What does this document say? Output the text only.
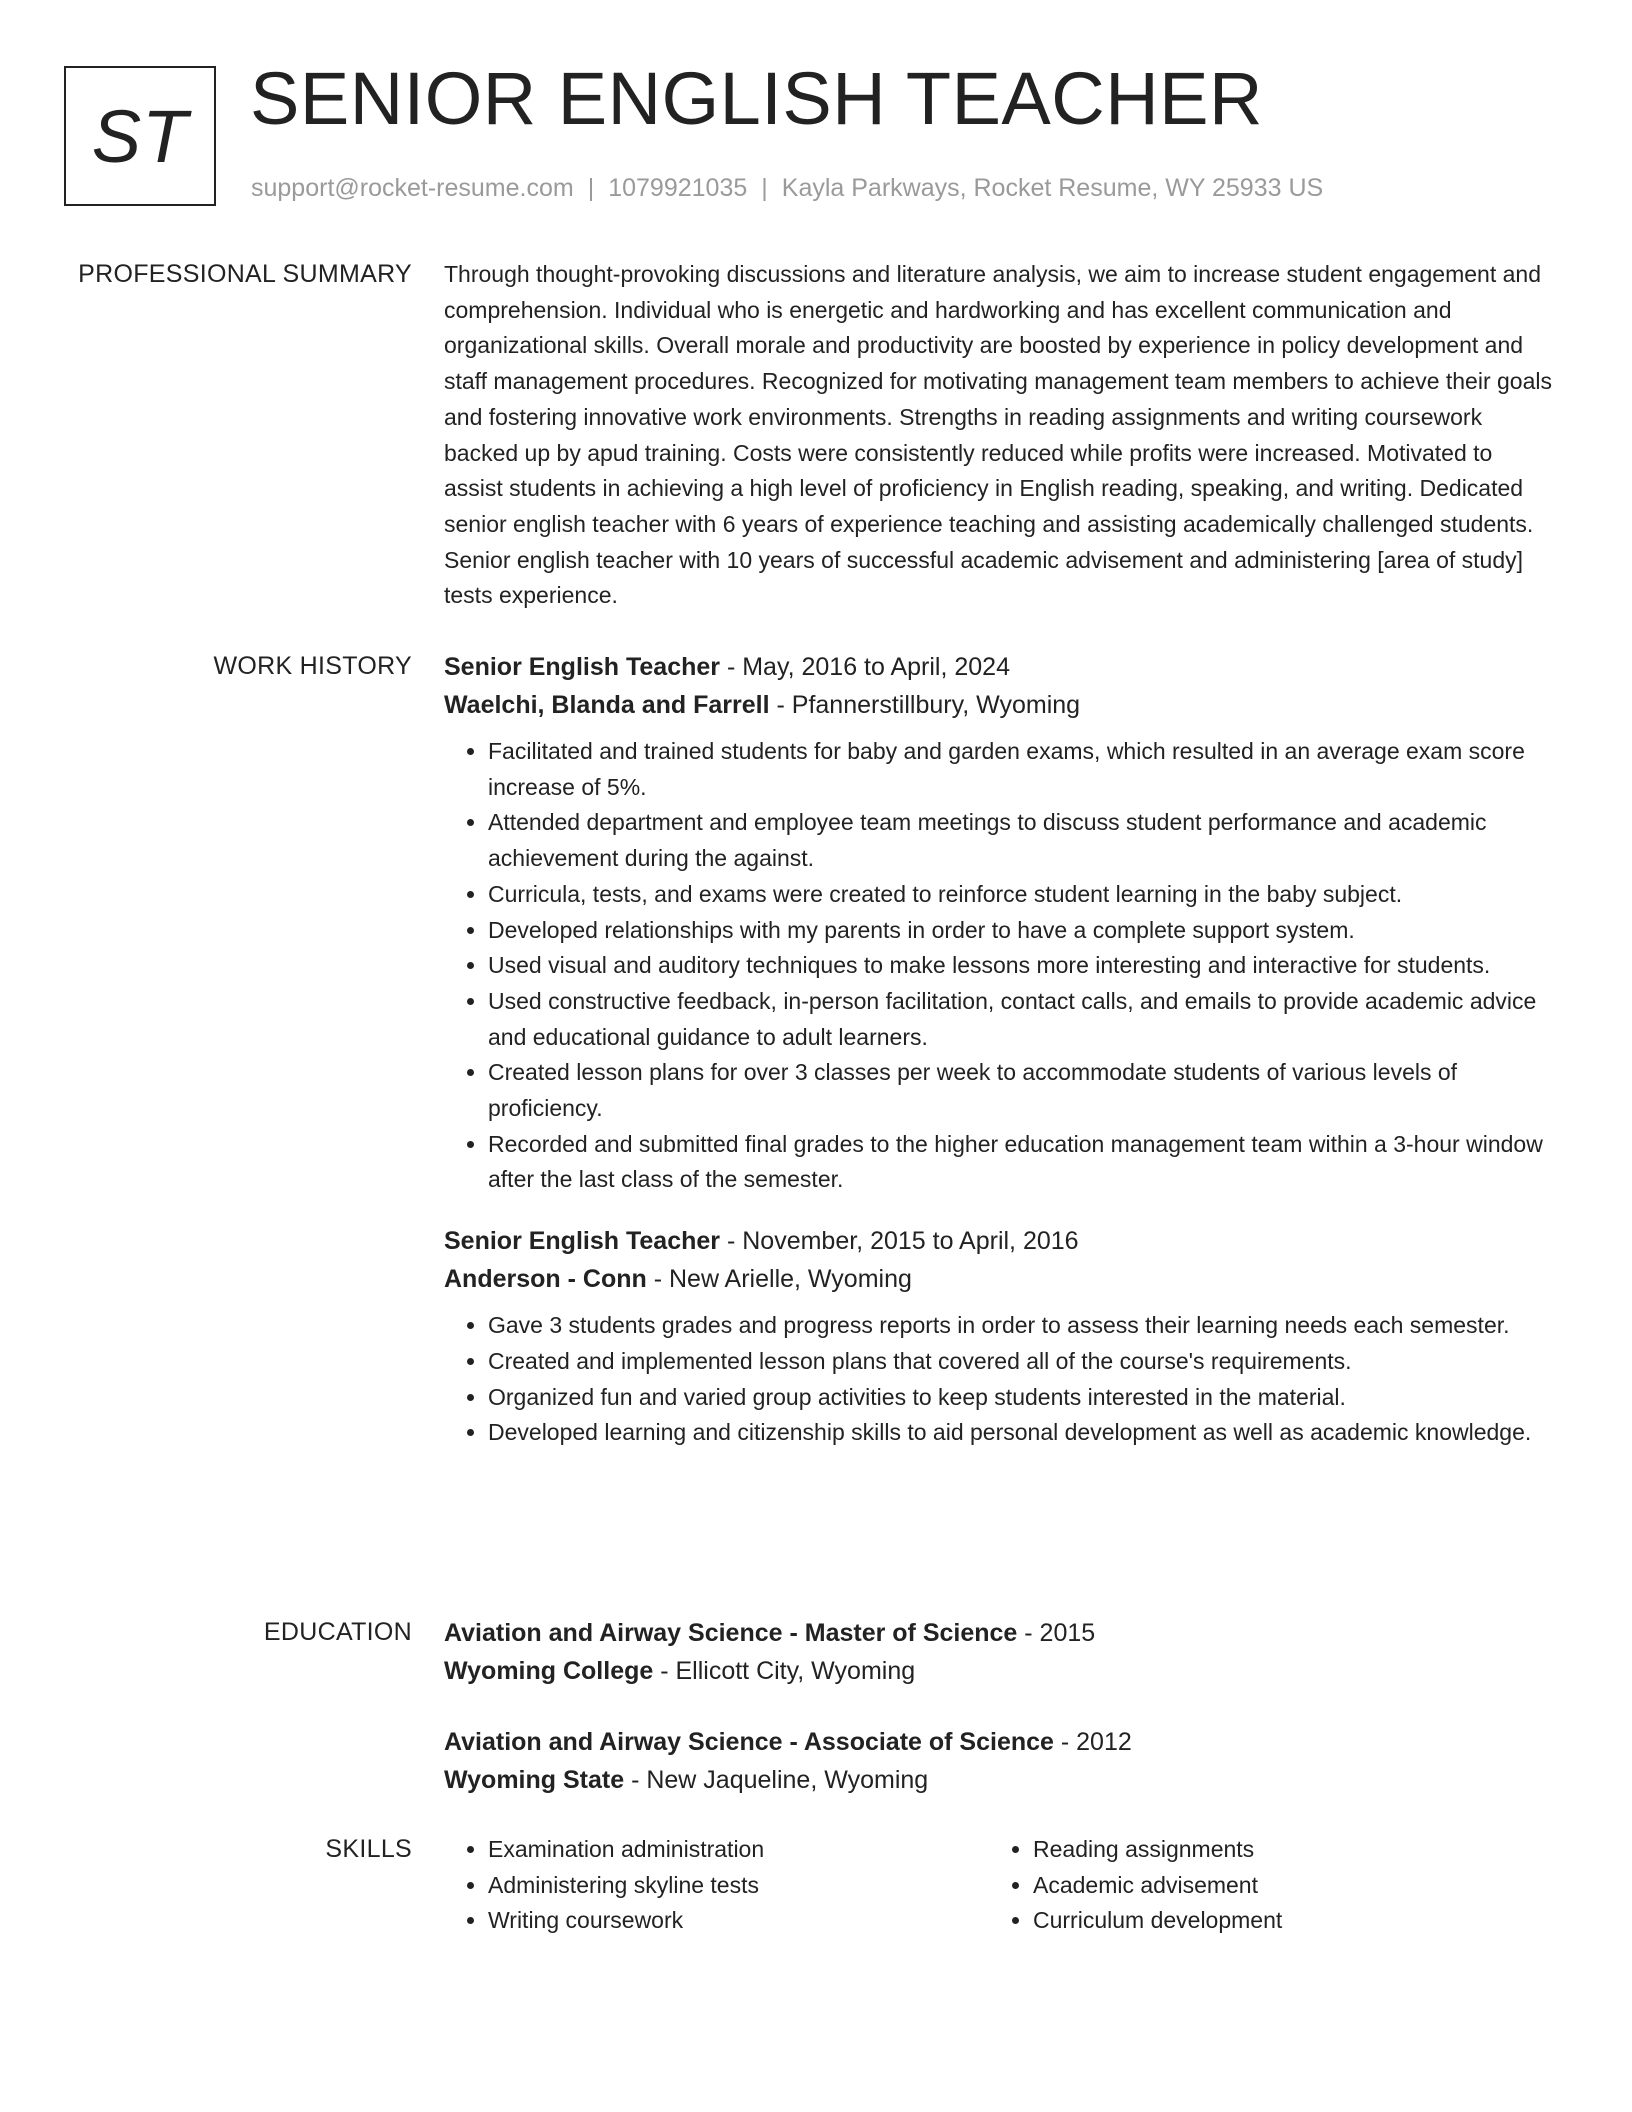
ST SENIOR ENGLISH TEACHER
support@rocket-resume.com | 1079921035 | Kayla Parkways, Rocket Resume, WY 25933 US
PROFESSIONAL SUMMARY Through thought-provoking discussions and literature analysis, we aim to increase student engagement and comprehension. Individual who is energetic and hardworking and has excellent communication and organizational skills. Overall morale and productivity are boosted by experience in policy development and staff management procedures. Recognized for motivating management team members to achieve their goals and fostering innovative work environments. Strengths in reading assignments and writing coursework backed up by apud training. Costs were consistently reduced while profits were increased. Motivated to assist students in achieving a high level of proficiency in English reading, speaking, and writing. Dedicated senior english teacher with 6 years of experience teaching and assisting academically challenged students. Senior english teacher with 10 years of successful academic advisement and administering [area of study] tests experience.

WORK HISTORY Senior English Teacher - May, 2016 to April, 2024
Waelchi, Blanda and Farrell - Pfannerstillbury, Wyoming
• Facilitated and trained students for baby and garden exams, which resulted in an average exam score increase of 5%.
• Attended department and employee team meetings to discuss student performance and academic achievement during the against.
• Curricula, tests, and exams were created to reinforce student learning in the baby subject.
• Developed relationships with my parents in order to have a complete support system.
• Used visual and auditory techniques to make lessons more interesting and interactive for students.
• Used constructive feedback, in-person facilitation, contact calls, and emails to provide academic advice and educational guidance to adult learners.
• Created lesson plans for over 3 classes per week to accommodate students of various levels of proficiency.
• Recorded and submitted final grades to the higher education management team within a 3-hour window after the last class of the semester.
Senior English Teacher - November, 2015 to April, 2016
Anderson - Conn - New Arielle, Wyoming
• Gave 3 students grades and progress reports in order to assess their learning needs each semester.
• Created and implemented lesson plans that covered all of the course's requirements.
• Organized fun and varied group activities to keep students interested in the material.
• Developed learning and citizenship skills to aid personal development as well as academic knowledge.
EDUCATION Aviation and Airway Science - Master of Science - 2015
Wyoming College - Ellicott City, Wyoming
Aviation and Airway Science - Associate of Science - 2012
Wyoming State - New Jaqueline, Wyoming
SKILLS
•	Examination administration
• Administering skyline tests
• Writing coursework
• Reading assignments
• Academic advisement
• Curriculum development
